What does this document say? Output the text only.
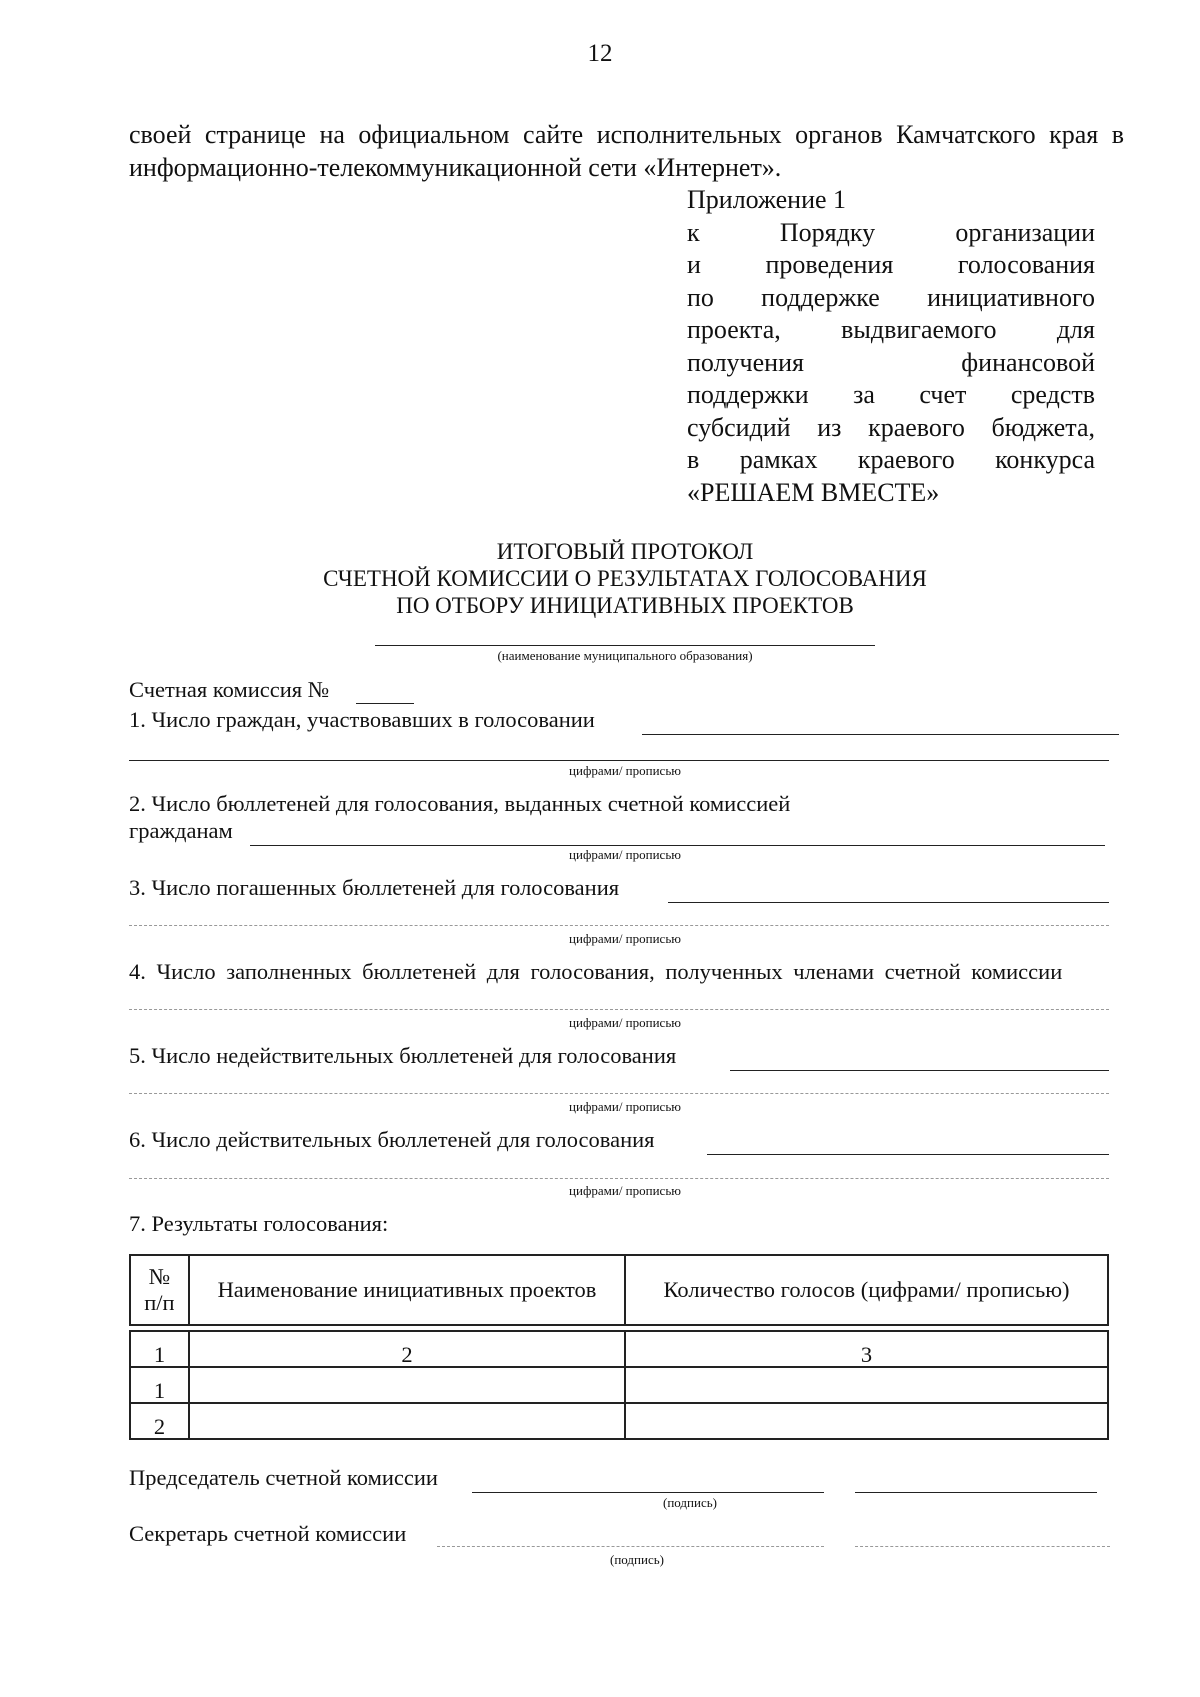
12
своей странице на официальном сайте исполнительных органов Камчатского края в информационно-телекоммуникационной сети «Интернет».
Приложение 1
к Порядку организации
и проведения голосования
по поддержке инициативного
проекта, выдвигаемого для
получения финансовой
поддержки за счет средств
субсидий из краевого бюджета,
в рамках краевого конкурса
«РЕШАЕМ ВМЕСТЕ»
ИТОГОВЫЙ ПРОТОКОЛ
СЧЕТНОЙ КОМИССИИ О РЕЗУЛЬТАТАХ ГОЛОСОВАНИЯ
ПО ОТБОРУ ИНИЦИАТИВНЫХ ПРОЕКТОВ
(наименование муниципального образования)
Счетная комиссия №
1. Число граждан, участвовавших в голосовании
цифрами/ прописью
2. Число бюллетеней для голосования, выданных счетной комиссией
гражданам
цифрами/ прописью
3. Число погашенных бюллетеней для голосования
цифрами/ прописью
4. Число заполненных бюллетеней для голосования, полученных членами счетной комиссии
цифрами/ прописью
5. Число недействительных бюллетеней для голосования
цифрами/ прописью
6. Число действительных бюллетеней для голосования
цифрами/ прописью
7. Результаты голосования:
№
п/п	Наименование инициативных проектов	Количество голосов (цифрами/ прописью)

1	2	3
1		
2		
Председатель счетной комиссии
(подпись)
Секретарь счетной комиссии
(подпись)
